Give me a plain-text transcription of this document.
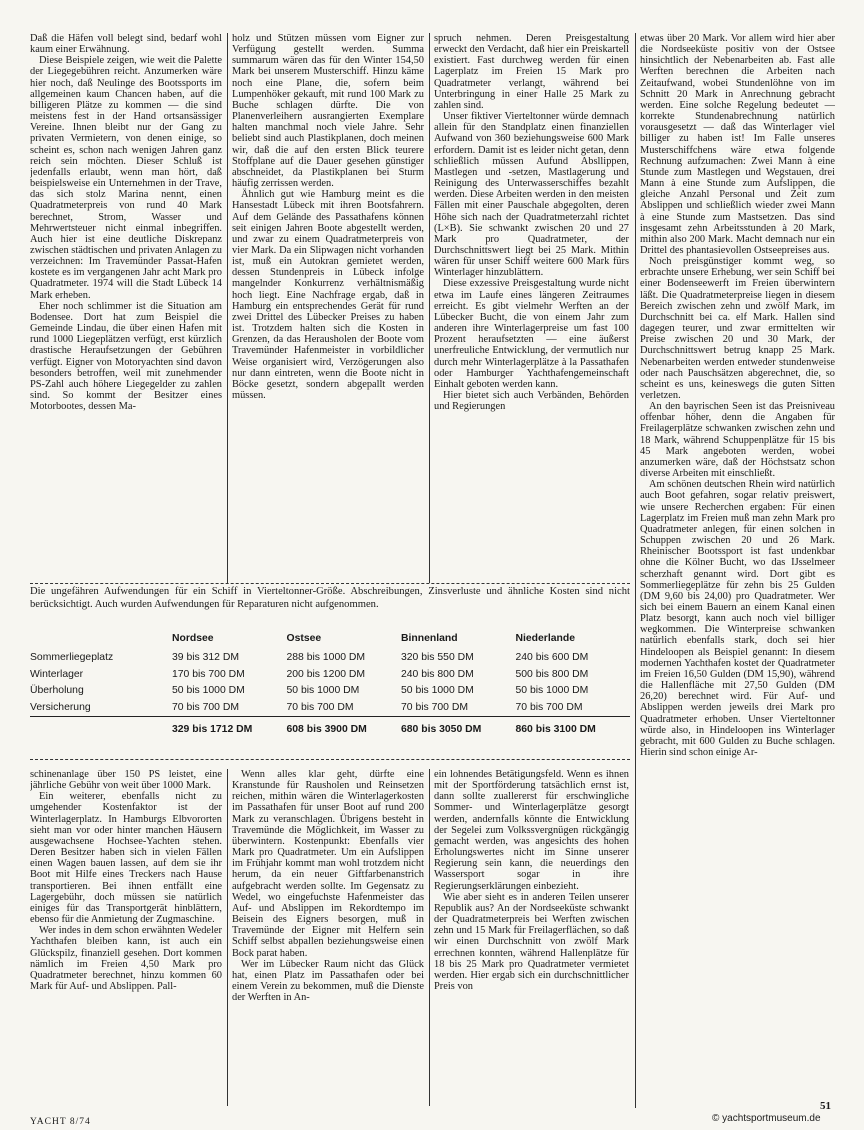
Daß die Häfen voll belegt sind, bedarf wohl kaum einer Erwähnung.

Diese Beispiele zeigen, wie weit die Palette der Liegegebühren reicht. Anzumerken wäre hier noch, daß Neulinge des Bootssports im allgemeinen kaum Chancen haben, auf die billigeren Plätze zu kommen — die sind meistens fest in der Hand ortsansässiger Vereine. Ihnen bleibt nur der Gang zu privaten Vermietern, von denen einige, so scheint es, schon nach wenigen Jahren ganz reich sein möchten. Dieser Schluß ist jedenfalls erlaubt, wenn man hört, daß beispielsweise ein Unternehmen in der Trave, das sich stolz Marina nennt, einen Quadratmeterpreis von rund 40 Mark berechnet, Strom, Wasser und Mehrwertsteuer nicht einmal inbegriffen. Auch hier ist eine deutliche Diskrepanz zwischen städtischen und privaten Anlagen zu verzeichnen: Im Travemünder Passat-Hafen kostete es im vergangenen Jahr acht Mark pro Quadratmeter. 1974 will die Stadt Lübeck 14 Mark erheben.

Eher noch schlimmer ist die Situation am Bodensee. Dort hat zum Beispiel die Gemeinde Lindau, die über einen Hafen mit rund 1000 Liegeplätzen verfügt, erst kürzlich drastische Heraufsetzungen der Gebühren verfügt. Eigner von Motoryachten sind davon besonders betroffen, weil mit zunehmender PS-Zahl auch höhere Liegegelder zu zahlen sind. So kommt der Besitzer eines Motorbootes, dessen Ma-

holz und Stützen müssen vom Eigner zur Verfügung gestellt werden. Summa summarum wären das für den Winter 154,50 Mark bei unserem Musterschiff. Hinzu käme noch eine Plane, die, sofern beim Lumpenhöker gekauft, mit rund 100 Mark zu Buche schlagen dürfte. Die von Planenverleihern ausrangierten Exemplare halten manchmal noch viele Jahre. Sehr beliebt sind auch Plastikplanen, doch meinen wir, daß die auf den ersten Blick teurere Stoffplane auf die Dauer gesehen günstiger abschneidet, da Plastikplanen bei Sturm häufig zerrissen werden.

Ähnlich gut wie Hamburg meint es die Hansestadt Lübeck mit ihren Bootsfahrern. Auf dem Gelände des Passathafens können seit einigen Jahren Boote abgestellt werden, und zwar zu einem Quadratmeterpreis von vier Mark. Da ein Slipwagen nicht vorhanden ist, muß ein Autokran gemietet werden, dessen Stundenpreis in Lübeck infolge mangelnder Konkurrenz verhältnismäßig hoch liegt. Eine Nachfrage ergab, daß in Hamburg ein entsprechendes Gerät für rund zwei Drittel des Lübecker Preises zu haben ist. Trotzdem halten sich die Kosten in Grenzen, da das Herausholen der Boote vom Travemünder Hafenmeister in vorbildlicher Weise organisiert wird, Verzögerungen also nur dann eintreten, wenn die Boote nicht in Böcke gesetzt, sondern abgepallt werden müssen.

spruch nehmen. Deren Preisgestaltung erweckt den Verdacht, daß hier ein Preiskartell existiert. Fast durchweg werden für einen Lagerplatz im Freien 15 Mark pro Quadratmeter verlangt, während bei Unterbringung in einer Halle 25 Mark zu zahlen sind.

Unser fiktiver Vierteltonner würde demnach allein für den Standplatz einen finanziellen Aufwand von 360 beziehungsweise 600 Mark erfordern. Damit ist es leider nicht getan, denn schließlich müssen Aufund Absllippen, Mastlegen und -setzen, Mastlagerung und Reinigung des Unterwasserschiffes bezahlt werden. Diese Arbeiten werden in den meisten Fällen mit einer Pauschale abgegolten, deren Höhe sich nach der Quadratmeterzahl richtet (L×B). Sie schwankt zwischen 20 und 27 Mark pro Quadratmeter, der Durchschnittswert liegt bei 25 Mark. Mithin wären für unser Schiff weitere 600 Mark fürs Winterlager hinzublättern.

Diese exzessive Preisgestaltung wurde nicht etwa im Laufe eines längeren Zeitraumes erreicht. Es gibt vielmehr Werften an der Lübecker Bucht, die von einem Jahr zum anderen ihre Winterlagerpreise um fast 100 Prozent heraufsetzten — eine äußerst unerfreuliche Entwicklung, der vermutlich nur durch mehr Winterlagerplätze à la Passathafen oder Hamburger Yachthafengemeinschaft Einhalt geboten werden kann.

Hier bietet sich auch Verbänden, Behörden und Regierungen

etwas über 20 Mark. Vor allem wird hier aber die Nordseeküste positiv von der Ostsee hinsichtlich der Nebenarbeiten ab. Fast alle Werften berechnen die Arbeiten nach Zeitaufwand, wobei Stundenlöhne von im Schnitt 20 Mark in Anrechnung gebracht werden. Eine solche Regelung bedeutet — korrekte Stundenabrechnung natürlich vorausgesetzt — daß das Winterlager viel billiger zu haben ist! Im Falle unseres Musterschiffchens wäre etwa folgende Rechnung aufzumachen: Zwei Mann à eine Stunde zum Mastlegen und Wegstauen, drei Mann à eine Stunde zum Aufslippen, die gleiche Anzahl Personal und Zeit zum Abslippen und schließlich wieder zwei Mann à eine Stunde zum Mastsetzen. Das sind insgesamt zehn Arbeitsstunden à 20 Mark, mithin also 200 Mark. Macht demnach nur ein Drittel des phantasievollen Ostseepreises aus.

Noch preisgünstiger kommt weg, so erbrachte unsere Erhebung, wer sein Schiff bei einer Bodenseewerft im Freien überwintern läßt. Die Quadratmeterpreise liegen in diesem Bereich zwischen zehn und zwölf Mark, im Durchschnitt bei ca. elf Mark. Hallen sind dagegen teurer, und zwar ermittelten wir Preise zwischen 20 und 30 Mark, der Durchschnittswert betrug knapp 25 Mark. Nebenarbeiten werden entweder stundenweise oder nach Pauschsätzen abgerechnet, die, so scheint es uns, keineswegs die guten Sitten verletzen.

An den bayrischen Seen ist das Preisniveau offenbar höher, denn die Angaben für Freilagerplätze schwanken zwischen zehn und 18 Mark, während Schuppenplätze für 15 bis 45 Mark angeboten werden, wobei anzumerken wäre, daß der Höchstsatz schon diverse Arbeiten mit einschließt.

Am schönen deutschen Rhein wird natürlich auch Boot gefahren, sogar relativ preiswert, wie unsere Recherchen ergaben: Für einen Lagerplatz im Freien muß man zehn Mark pro Quadratmeter anlegen, für einen solchen in Schuppen zwischen 20 und 26 Mark. Rheinischer Bootssport ist fast undenkbar ohne die Kölner Bucht, wo das IJsselmeer scherzhaft genannt wird. Dort gibt es Sommerliegeplätze für zehn bis 25 Gulden (DM 9,60 bis 24,00) pro Quadratmeter. Wer sich bei einem Bauern an einem Kanal einen Platz besorgt, kann auch noch viel billiger wegkommen. Die Winterpreise schwanken natürlich ebenfalls stark, doch sei hier Hindeloopen als Beispiel genannt: In diesem modernen Yachthafen kostet der Quadratmeter im Freien 16,50 Gulden (DM 15,90), während die Hallenfläche mit 27,50 Gulden (DM 26,20) berechnet wird. Für Auf- und Abslippen werden jeweils drei Mark pro Quadratmeter erhoben. Unser Vierteltonner würde also, in Hindeloopen ins Winterlager gebracht, mit 600 Gulden zu Buche schlagen. Hierin sind schon einige Ar-

Die ungefähren Aufwendungen für ein Schiff in Vierteltonner-Größe. Abschreibungen, Zinsverluste und ähnliche Kosten sind nicht berücksichtigt. Auch wurden Aufwendungen für Reparaturen nicht aufgenommen.

	Nordsee	Ostsee	Binnenland	Niederlande
Sommerliegeplatz	39 bis 312 DM	288 bis 1000 DM	320 bis 550 DM	240 bis 600 DM
Winterlager	170 bis 700 DM	200 bis 1200 DM	240 bis 800 DM	500 bis 800 DM
Überholung	50 bis 1000 DM	50 bis 1000 DM	50 bis 1000 DM	50 bis 1000 DM
Versicherung	70 bis 700 DM	70 bis 700 DM	70 bis 700 DM	70 bis 700 DM
	329 bis 1712 DM	608 bis 3900 DM	680 bis 3050 DM	860 bis 3100 DM

schinenanlage über 150 PS leistet, eine jährliche Gebühr von weit über 1000 Mark.

Ein weiterer, ebenfalls nicht zu umgehender Kostenfaktor ist der Winterlagerplatz. In Hamburgs Elbvororten sieht man vor oder hinter manchen Häusern ausgewachsene Hochsee-Yachten stehen. Deren Besitzer haben sich in vielen Fällen einen Wagen bauen lassen, auf dem sie ihr Boot mit Hilfe eines Treckers nach Hause transportieren. Bei ihnen entfällt eine Lagergebühr, doch müssen sie natürlich einiges für das Transportgerät hinblättern, ebenso für die Anmietung der Zugmaschine.

Wer indes in dem schon erwähnten Wedeler Yachthafen bleiben kann, ist auch ein Glückspilz, finanziell gesehen. Dort kommen nämlich im Freien 4,50 Mark pro Quadratmeter berechnet, hinzu kommen 60 Mark für Auf- und Abslippen. Pall-

Wenn alles klar geht, dürfte eine Kranstunde für Rausholen und Reinsetzen reichen, mithin wären die Winterlagerkosten im Passathafen für unser Boot auf rund 200 Mark zu veranschlagen. Übrigens besteht in Travemünde die Möglichkeit, im Wasser zu überwintern. Kostenpunkt: Ebenfalls vier Mark pro Quadratmeter. Um ein Aufslippen im Frühjahr kommt man wohl trotzdem nicht herum, da ein neuer Giftfarbenanstrich aufgebracht werden sollte. Im Gegensatz zu Wedel, wo eingefuchste Hafenmeister das Auf- und Abslippen im Rekordtempo im Beisein des Eigners besorgen, muß in Travemünde der Eigner mit Helfern sein Schiff selbst abpallen beziehungsweise einen Bock parat haben.

Wer im Lübecker Raum nicht das Glück hat, einen Platz im Passathafen oder bei einem Verein zu bekommen, muß die Dienste der Werften in An-

ein lohnendes Betätigungsfeld. Wenn es ihnen mit der Sportförderung tatsächlich ernst ist, dann sollte zuallererst für erschwingliche Sommer- und Winterlagerplätze gesorgt werden, andernfalls könnte die Entwicklung der Segelei zum Volkssvergnügen rückgängig gemacht werden, was angesichts des hohen Erholungswertes nicht im Sinne unserer Regierung sein kann, die neuerdings den Wassersport sogar in ihre Regierungserklärungen einbezieht.

Wie aber sieht es in anderen Teilen unserer Republik aus? An der Nordseeküste schwankt der Quadratmeterpreis bei Werften zwischen zehn und 15 Mark für Freilagerflächen, so daß wir einen Durchschnitt von zwölf Mark errechnen konnten, während Hallenplätze für 18 bis 25 Mark pro Quadratmeter vermietet werden. Hier ergab sich ein durchschnittlicher Preis von

YACHT 8/74
51
© yachtsportmuseum.de
